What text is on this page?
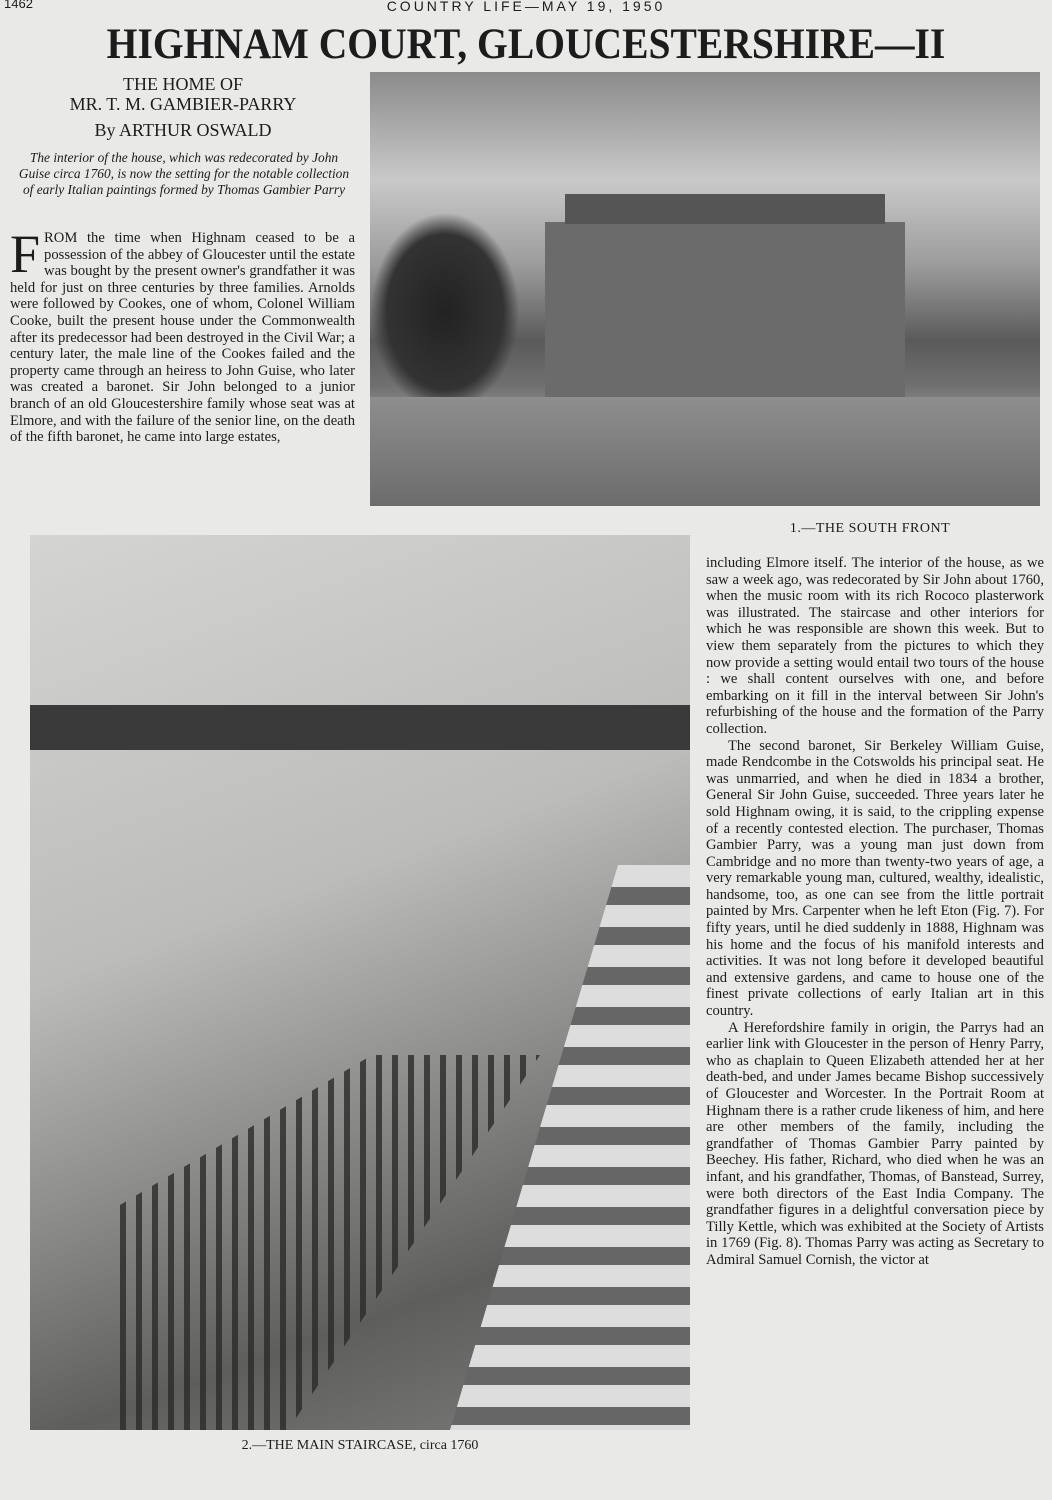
1462	COUNTRY LIFE—MAY 19, 1950
HIGHNAM COURT, GLOUCESTERSHIRE—II
THE HOME OF
MR. T. M. GAMBIER-PARRY
By ARTHUR OSWALD
The interior of the house, which was redecorated by John Guise circa 1760, is now the setting for the notable collection of early Italian paintings formed by Thomas Gambier Parry

FROM the time when Highnam ceased to be a possession of the abbey of Gloucester until the estate was bought by the present owner's grandfather it was held for just on three centuries by three families. Arnolds were followed by Cookes, one of whom, Colonel William Cooke, built the present house under the Commonwealth after its predecessor had been destroyed in the Civil War; a century later, the male line of the Cookes failed and the property came through an heiress to John Guise, who later was created a baronet. Sir John belonged to a junior branch of an old Gloucestershire family whose seat was at Elmore, and with the failure of the senior line, on the death of the fifth baronet, he came into large estates,

1.—THE SOUTH FRONT
2.—THE MAIN STAIRCASE, circa 1760

including Elmore itself. The interior of the house, as we saw a week ago, was redecorated by Sir John about 1760, when the music room with its rich Rococo plasterwork was illustrated. The staircase and other interiors for which he was responsible are shown this week. But to view them separately from the pictures to which they now provide a setting would entail two tours of the house : we shall content ourselves with one, and before embarking on it fill in the interval between Sir John's refurbishing of the house and the formation of the Parry collection.

The second baronet, Sir Berkeley William Guise, made Rendcombe in the Cotswolds his principal seat. He was unmarried, and when he died in 1834 a brother, General Sir John Guise, succeeded. Three years later he sold Highnam owing, it is said, to the crippling expense of a recently contested election. The purchaser, Thomas Gambier Parry, was a young man just down from Cambridge and no more than twenty-two years of age, a very remarkable young man, cultured, wealthy, idealistic, handsome, too, as one can see from the little portrait painted by Mrs. Carpenter when he left Eton (Fig. 7). For fifty years, until he died suddenly in 1888, Highnam was his home and the focus of his manifold interests and activities. It was not long before it developed beautiful and extensive gardens, and came to house one of the finest private collections of early Italian art in this country.

A Herefordshire family in origin, the Parrys had an earlier link with Gloucester in the person of Henry Parry, who as chaplain to Queen Elizabeth attended her at her death-bed, and under James became Bishop successively of Gloucester and Worcester. In the Portrait Room at Highnam there is a rather crude likeness of him, and here are other members of the family, including the grandfather of Thomas Gambier Parry painted by Beechey. His father, Richard, who died when he was an infant, and his grandfather, Thomas, of Banstead, Surrey, were both directors of the East India Company. The grandfather figures in a delightful conversation piece by Tilly Kettle, which was exhibited at the Society of Artists in 1769 (Fig. 8). Thomas Parry was acting as Secretary to Admiral Samuel Cornish, the victor at
